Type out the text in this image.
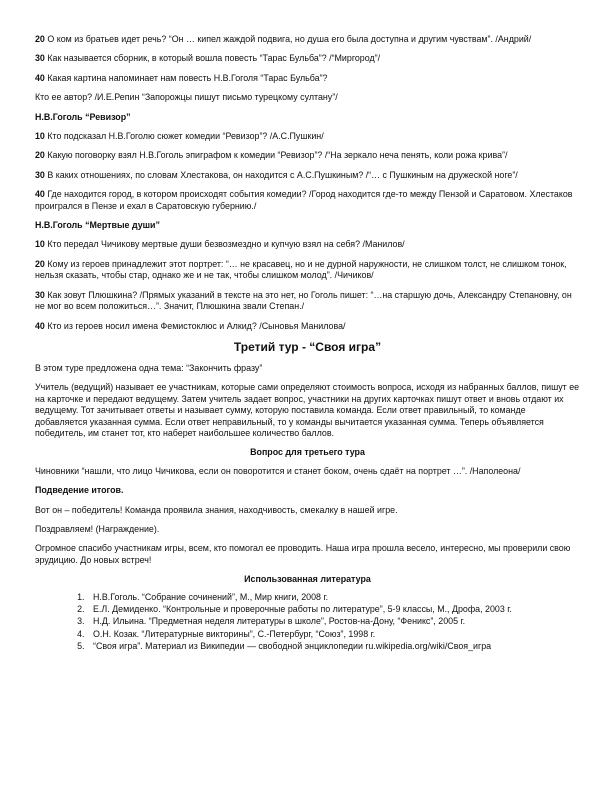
20 О ком из братьев идет речь? “Он … кипел жаждой подвига, но душа его была доступна и другим чувствам”. /Андрий/

30 Как называется сборник, в который вошла повесть “Тарас Бульба”? /“Миргород”/

40 Какая картина напоминает нам повесть Н.В.Гоголя “Тарас Бульба”?

Кто ее автор? /И.Е.Репин “Запорожцы пишут письмо турецкому султану”/

Н.В.Гоголь “Ревизор”

10 Кто подсказал Н.В.Гоголю сюжет комедии “Ревизор”? /А.С.Пушкин/

20 Какую поговорку взял Н.В.Гоголь эпиграфом к комедии “Ревизор”? /“На зеркало неча пенять, коли рожа крива”/

30 В каких отношениях, по словам Хлестакова, он находится с А.С.Пушкиным? /“… с Пушкиным на дружеской ноге”/

40 Где находится город, в котором происходят события комедии? /Город находится где-то между Пензой и Саратовом. Хлестаков проигрался в Пензе и ехал в Саратовскую губернию./

Н.В.Гоголь “Мертвые души”

10 Кто передал Чичикову мертвые души безвозмездно и купчую взял на себя? /Манилов/

20 Кому из героев принадлежит этот портрет: “… не красавец, но и не дурной наружности, не слишком толст, не слишком тонок, нельзя сказать, чтобы стар, однако же и не так, чтобы слишком молод”. /Чичиков/

30 Как зовут Плюшкина? /Прямых указаний в тексте на это нет, но Гоголь пишет: “…на старшую дочь, Александру Степановну, он не мог во всем положиться…”. Значит, Плюшкина звали Степан./

40 Кто из героев носил имена Фемистоклюс и Алкид? /Сыновья Манилова/

Третий тур - “Своя игра”

В этом туре предложена одна тема: “Закончить фразу”

Учитель (ведущий) называет ее участникам, которые сами определяют стоимость вопроса, исходя из набранных баллов, пишут ее на карточке и передают ведущему. Затем учитель задает вопрос, участники на других карточках пишут ответ и вновь отдают их ведущему. Тот зачитывает ответы и называет сумму, которую поставила команда. Если ответ правильный, то команде добавляется указанная сумма. Если ответ неправильный, то у команды вычитается указанная сумма. Теперь объявляется победитель, им станет тот, кто наберет наибольшее количество баллов.

Вопрос для третьего тура

Чиновники “нашли, что лицо Чичикова, если он поворотится и станет боком, очень сдаёт на портрет …”. /Наполеона/

Подведение итогов.

Вот он – победитель! Команда проявила знания, находчивость, смекалку в нашей игре.

Поздравляем! (Награждение).

Огромное спасибо участникам игры, всем, кто помогал ее проводить. Наша игра прошла весело, интересно, мы проверили свою эрудицию. До новых встреч!

Использованная литература
1. Н.В.Гоголь. “Собрание сочинений”, М., Мир книги, 2008 г.
2. Е.Л. Демиденко. “Контрольные и проверочные работы по литературе”, 5-9 классы, М., Дрофа, 2003 г.
3. Н.Д. Ильина. “Предметная неделя литературы в школе”, Ростов-на-Дону, “Феникс”, 2005 г.
4. О.Н. Козак. “Литературные викторины”, С.-Петербург, “Союз”, 1998 г.
5. “Своя игра”. Материал из Википедии — свободной энциклопедии ru.wikipedia.org/wiki/Своя_игра
